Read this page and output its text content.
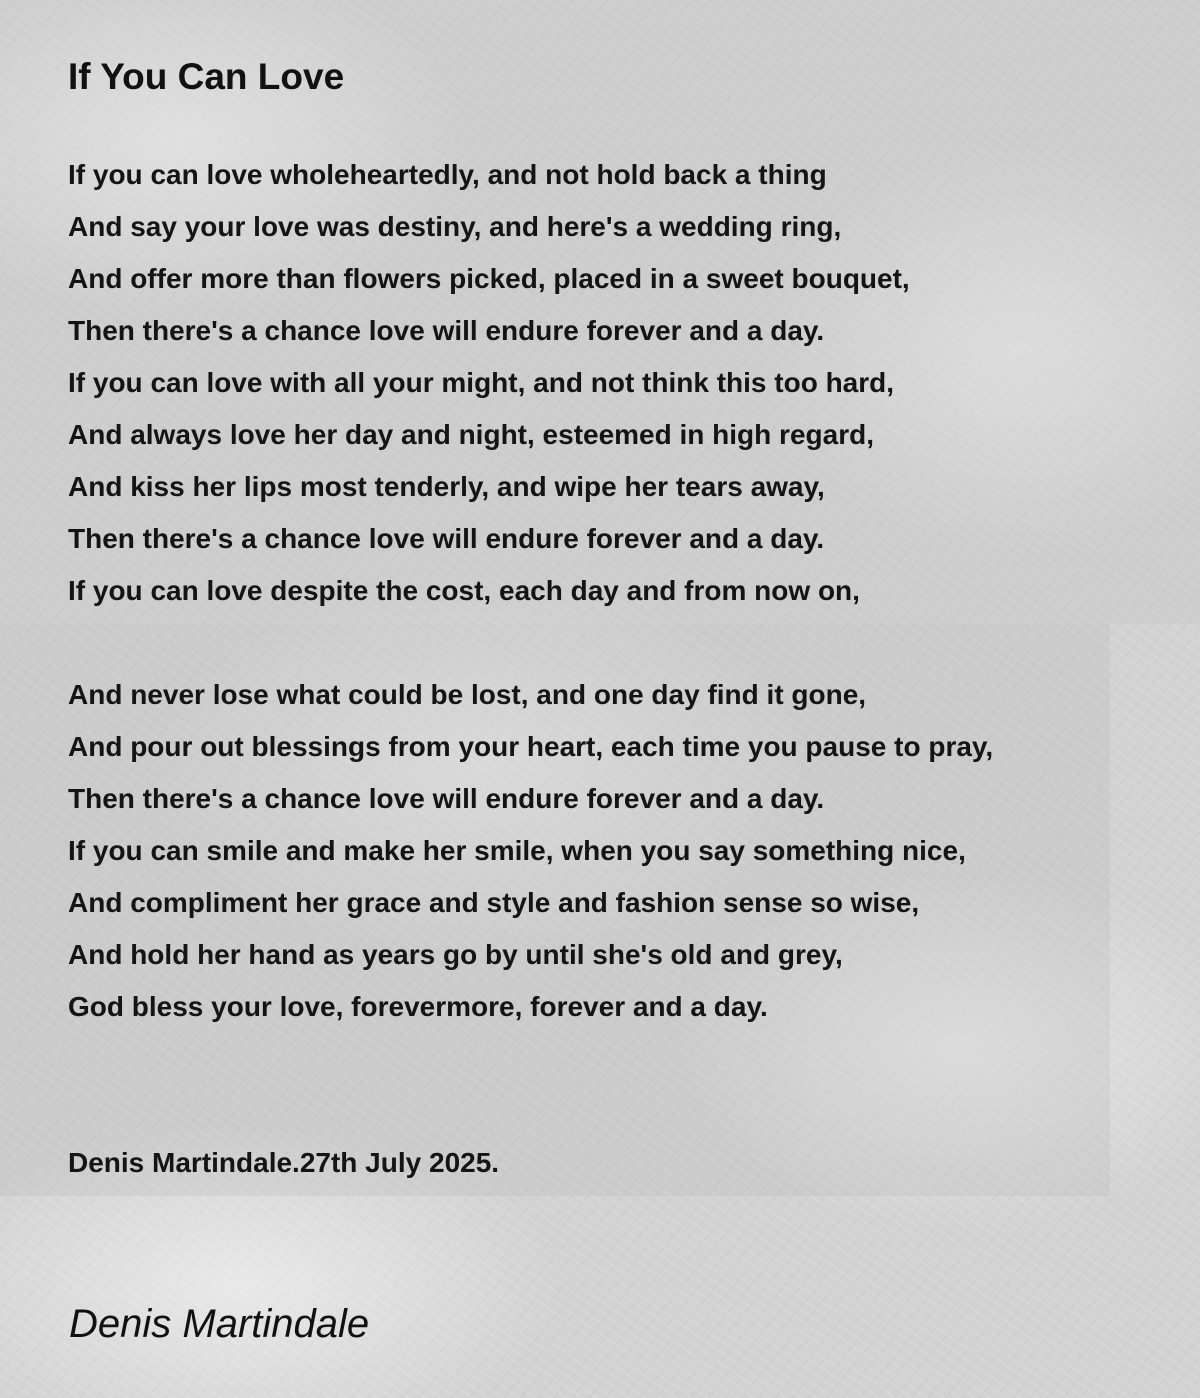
If You Can Love
If you can love wholeheartedly, and not hold back a thing
And say your love was destiny, and here's a wedding ring,
And offer more than flowers picked, placed in a sweet bouquet,
Then there's a chance love will endure forever and a day.
If you can love with all your might, and not think this too hard,
And always love her day and night, esteemed in high regard,
And kiss her lips most tenderly, and wipe her tears away,
Then there's a chance love will endure forever and a day.
If you can love despite the cost, each day and from now on,
And never lose what could be lost, and one day find it gone,
And pour out blessings from your heart, each time you pause to pray,
Then there's a chance love will endure forever and a day.
If you can smile and make her smile, when you say something nice,
And compliment her grace and style and fashion sense so wise,
And hold her hand as years go by until she's old and grey,
God bless your love, forevermore, forever and a day.
Denis Martindale.27th July 2025.
Denis Martindale
